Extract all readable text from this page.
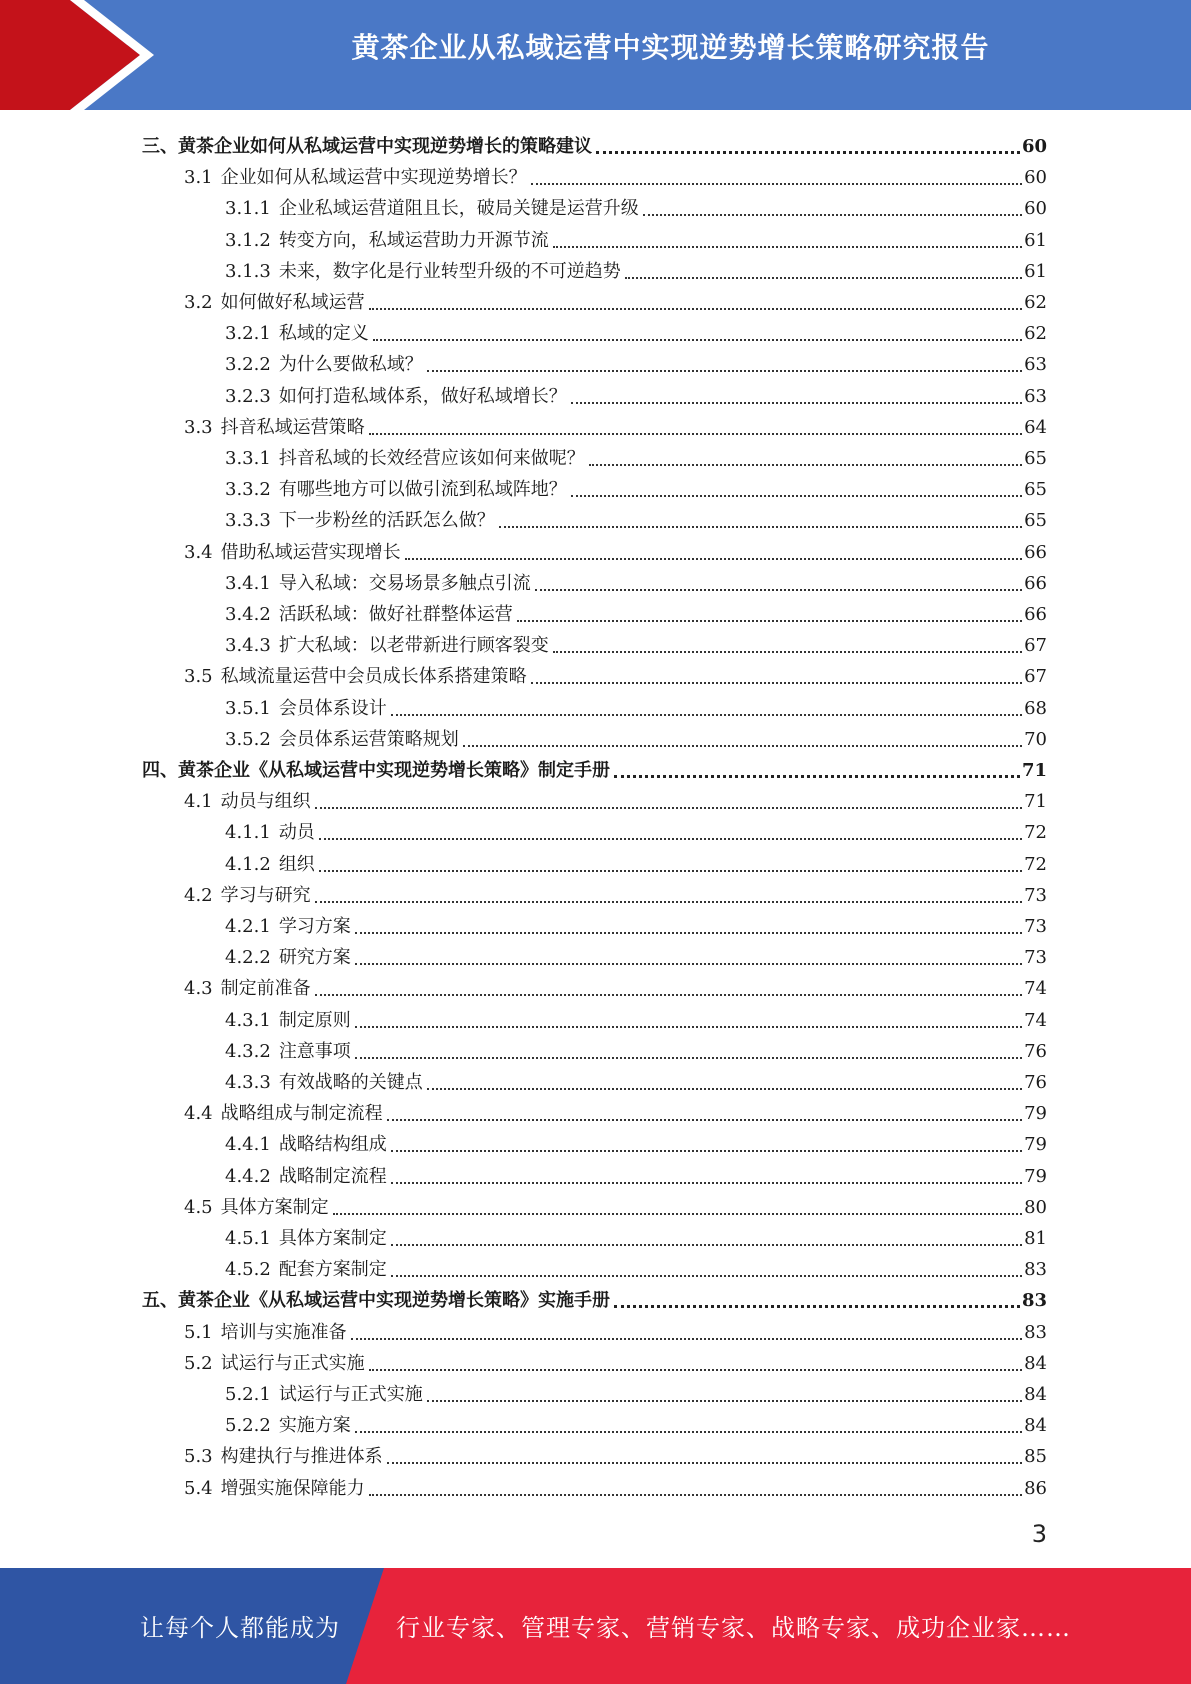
黄茶企业从私域运营中实现逆势增长策略研究报告
三、 黄茶企业如何从私域运营中实现逆势增长的策略建议	60
3.1 企业如何从私域运营中实现逆势增长？	60
3.1.1 企业私域运营道阻且长，破局关键是运营升级	60
3.1.2 转变方向，私域运营助力开源节流	61
3.1.3 未来，数字化是行业转型升级的不可逆趋势	61
3.2 如何做好私域运营	62
3.2.1 私域的定义	62
3.2.2 为什么要做私域？	63
3.2.3 如何打造私域体系，做好私域增长？	63
3.3 抖音私域运营策略	64
3.3.1 抖音私域的长效经营应该如何来做呢？	65
3.3.2 有哪些地方可以做引流到私域阵地？	65
3.3.3 下一步粉丝的活跃怎么做？	65
3.4 借助私域运营实现增长	66
3.4.1 导入私域：交易场景多触点引流	66
3.4.2 活跃私域：做好社群整体运营	66
3.4.3 扩大私域：以老带新进行顾客裂变	67
3.5 私域流量运营中会员成长体系搭建策略	67
3.5.1 会员体系设计	68
3.5.2 会员体系运营策略规划	70
四、 黄茶企业《从私域运营中实现逆势增长策略》制定手册	71
4.1 动员与组织	71
4.1.1 动员	72
4.1.2 组织	72
4.2 学习与研究	73
4.2.1 学习方案	73
4.2.2 研究方案	73
4.3 制定前准备	74
4.3.1 制定原则	74
4.3.2 注意事项	76
4.3.3 有效战略的关键点	76
4.4 战略组成与制定流程	79
4.4.1 战略结构组成	79
4.4.2 战略制定流程	79
4.5 具体方案制定	80
4.5.1 具体方案制定	81
4.5.2 配套方案制定	83
五、 黄茶企业《从私域运营中实现逆势增长策略》实施手册	83
5.1 培训与实施准备	83
5.2 试运行与正式实施	84
5.2.1 试运行与正式实施	84
5.2.2 实施方案	84
5.3 构建执行与推进体系	85
5.4 增强实施保障能力	86
3
让每个人都能成为 行业专家、管理专家、营销专家、战略专家、成功企业家……
